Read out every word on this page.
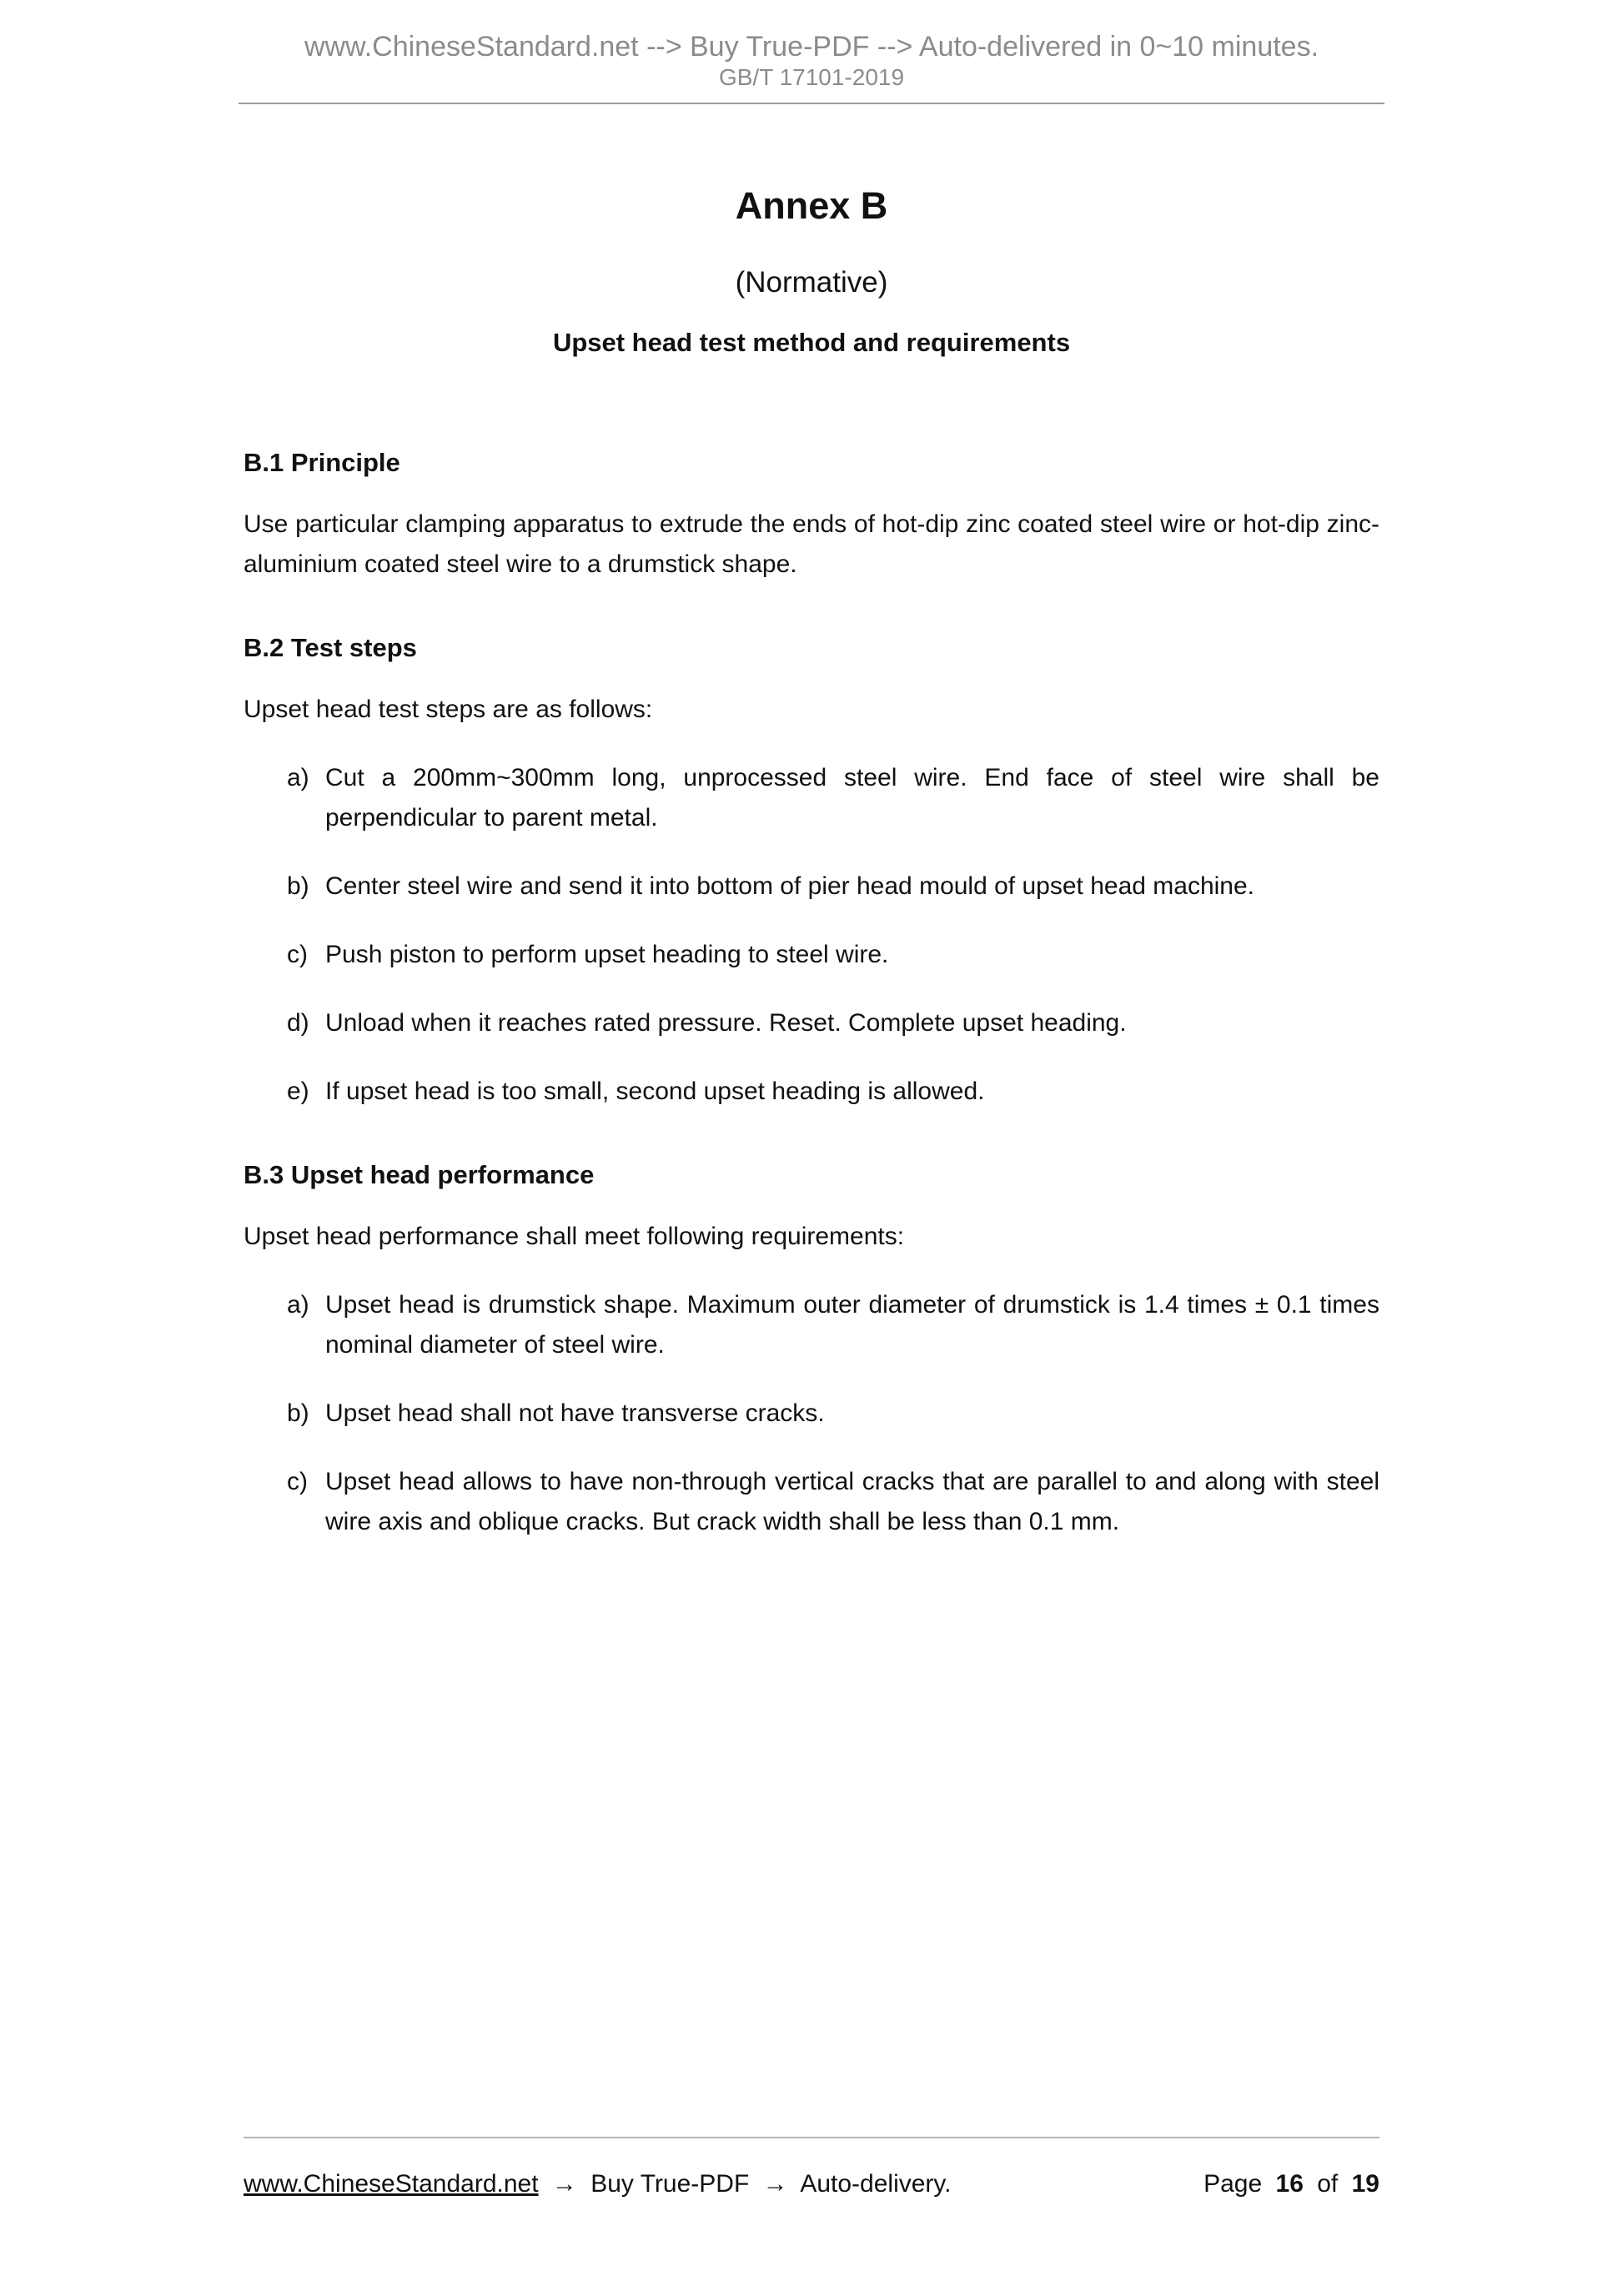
www.ChineseStandard.net --> Buy True-PDF --> Auto-delivered in 0~10 minutes.
GB/T 17101-2019
Annex B
(Normative)
Upset head test method and requirements
B.1 Principle

Use particular clamping apparatus to extrude the ends of hot-dip zinc coated steel wire or hot-dip zinc-aluminium coated steel wire to a drumstick shape.

B.2 Test steps

Upset head test steps are as follows:

a) Cut a 200mm~300mm long, unprocessed steel wire. End face of steel wire shall be perpendicular to parent metal.
b) Center steel wire and send it into bottom of pier head mould of upset head machine.
c) Push piston to perform upset heading to steel wire.
d) Unload when it reaches rated pressure. Reset. Complete upset heading.
e) If upset head is too small, second upset heading is allowed.
B.3 Upset head performance

Upset head performance shall meet following requirements:

a) Upset head is drumstick shape. Maximum outer diameter of drumstick is 1.4 times ± 0.1 times nominal diameter of steel wire.
b) Upset head shall not have transverse cracks.
c) Upset head allows to have non-through vertical cracks that are parallel to and along with steel wire axis and oblique cracks. But crack width shall be less than 0.1 mm.
www.ChineseStandard.net → Buy True-PDF → Auto-delivery.	Page 16 of 19
